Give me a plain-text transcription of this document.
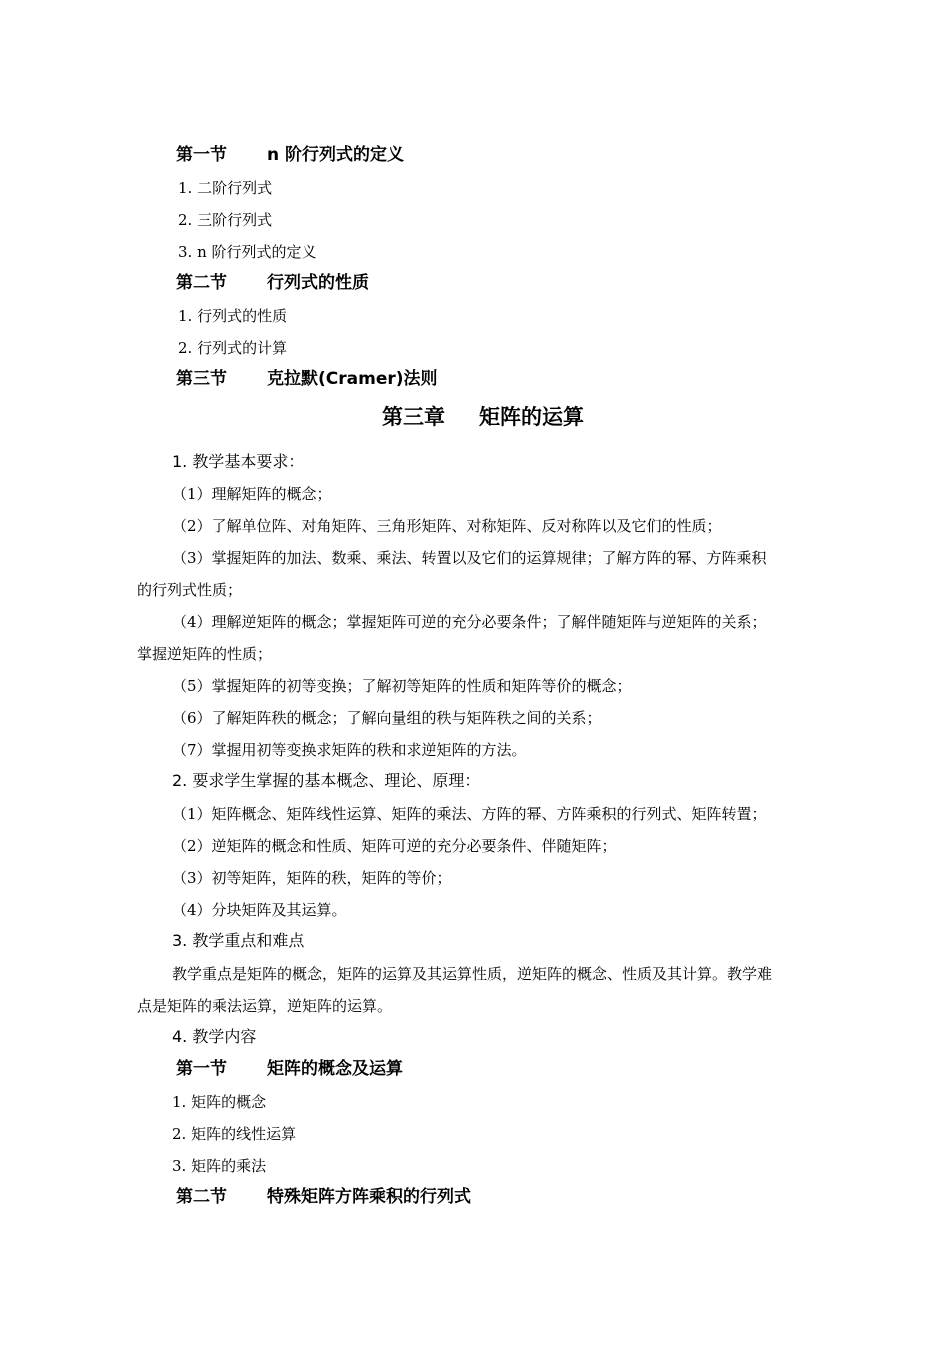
第一节 n 阶行列式的定义
1. 二阶行列式
2. 三阶行列式
3. n 阶行列式的定义
第二节 行列式的性质
1. 行列式的性质
2. 行列式的计算
第三节 克拉默(Cramer)法则
第三章 矩阵的运算
1. 教学基本要求：
（1）理解矩阵的概念；
（2）了解单位阵、对角矩阵、三角形矩阵、对称矩阵、反对称阵以及它们的性质；
（3）掌握矩阵的加法、数乘、乘法、转置以及它们的运算规律；了解方阵的幂、方阵乘积
的行列式性质；
（4）理解逆矩阵的概念；掌握矩阵可逆的充分必要条件；了解伴随矩阵与逆矩阵的关系；
掌握逆矩阵的性质；
（5）掌握矩阵的初等变换；了解初等矩阵的性质和矩阵等价的概念；
（6）了解矩阵秩的概念；了解向量组的秩与矩阵秩之间的关系；
（7）掌握用初等变换求矩阵的秩和求逆矩阵的方法。
2. 要求学生掌握的基本概念、理论、原理：
（1）矩阵概念、矩阵线性运算、矩阵的乘法、方阵的幂、方阵乘积的行列式、矩阵转置；
（2）逆矩阵的概念和性质、矩阵可逆的充分必要条件、伴随矩阵；
（3）初等矩阵，矩阵的秩，矩阵的等价；
（4）分块矩阵及其运算。
3. 教学重点和难点
教学重点是矩阵的概念，矩阵的运算及其运算性质，逆矩阵的概念、性质及其计算。教学难
点是矩阵的乘法运算，逆矩阵的运算。
4. 教学内容
第一节 矩阵的概念及运算
1. 矩阵的概念
2. 矩阵的线性运算
3. 矩阵的乘法
第二节 特殊矩阵方阵乘积的行列式
